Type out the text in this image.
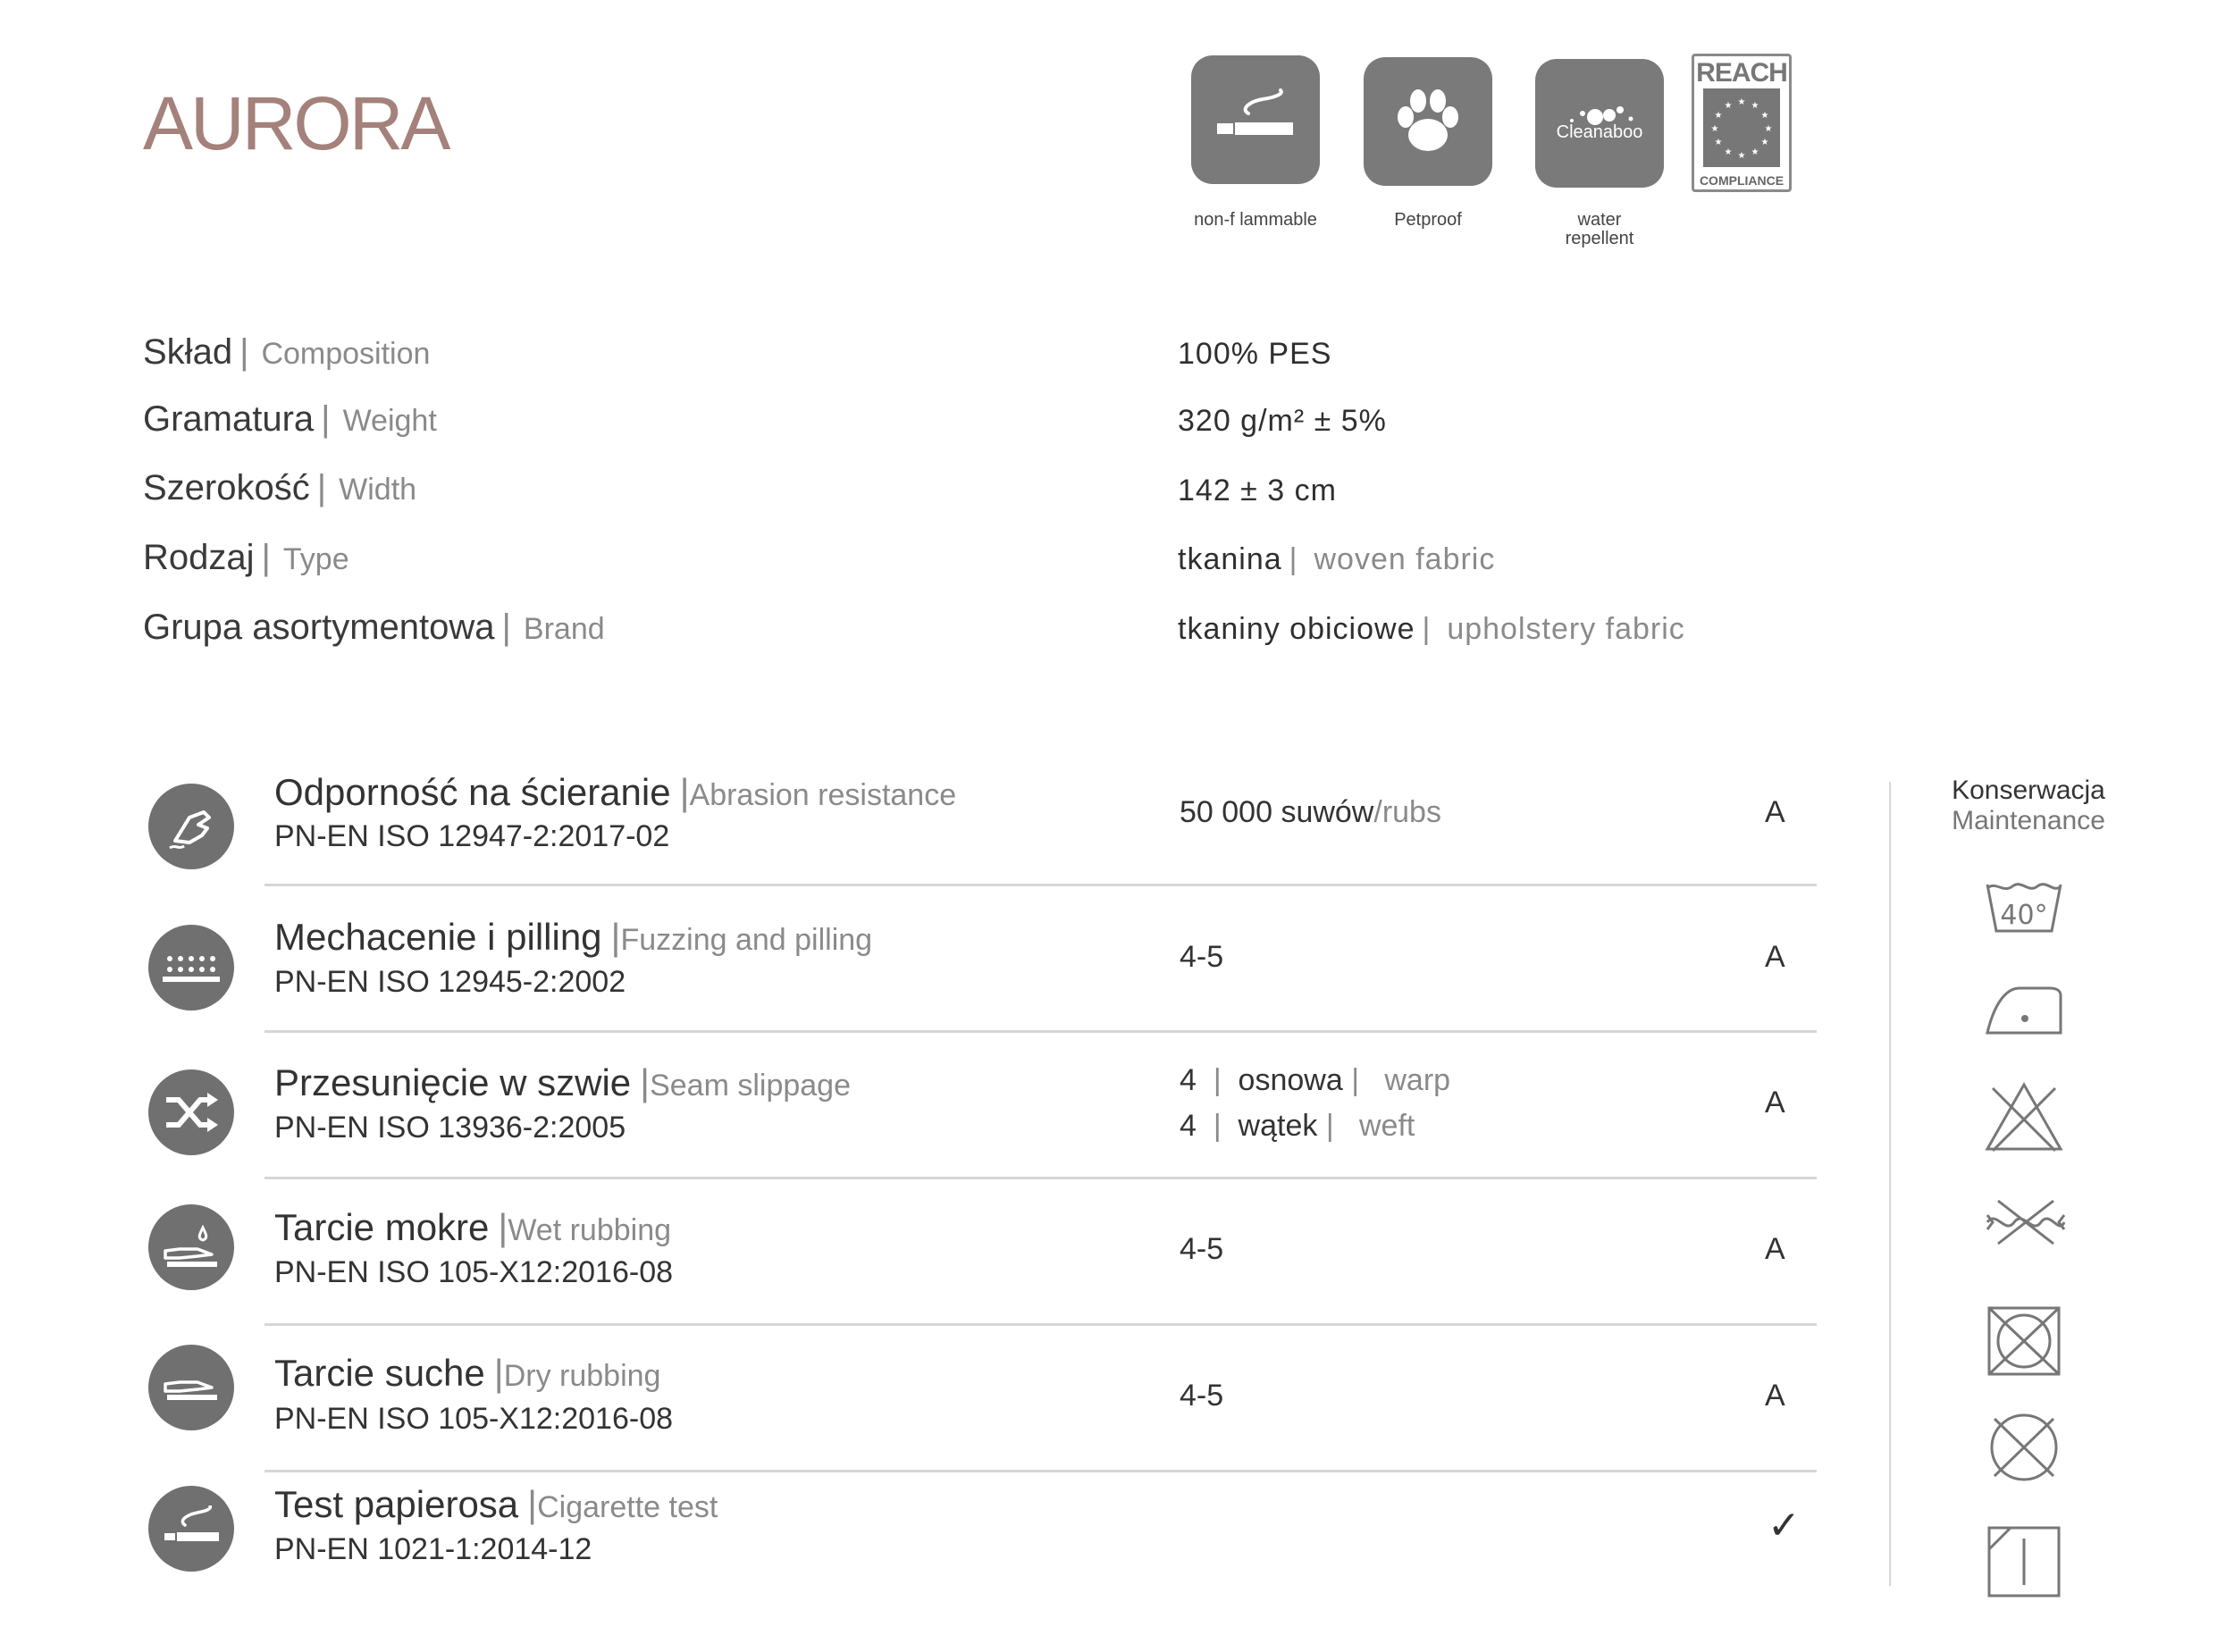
AURORA
non-f lammable	Petproof
Cleanaboo
water
repellent
REACH
★ ★
★
★
★
★
★
★
★
★
★
★
COMPLIANCE
Skład | Composition	100% PES
Gramatura | Weight	320 g/m² ± 5%
Szerokość | Width	142 ± 3 cm
Rodzaj | Type	tkanina | woven fabric
Grupa asortymentowa | Brand	tkaniny obiciowe | upholstery fabric
Odporność na ścieranie |Abrasion resistance
PN-EN ISO 12947-2:2017-02
50 000 suwów/rubs	A
Mechacenie i pilling |Fuzzing and pilling
PN-EN ISO 12945-2:2002
4-5	A
Przesunięcie w szwie |Seam slippage
PN-EN ISO 13936-2:2005
4  |  osnowa |   warp
4  |  wątek |   weft
A
Tarcie mokre |Wet rubbing
PN-EN ISO 105-X12:2016-08
4-5	A
Tarcie suche |Dry rubbing
PN-EN ISO 105-X12:2016-08
4-5	A
Test papierosa |Cigarette test
PN-EN 1021-1:2014-12
✓
Konserwacja
Maintenance
40°
